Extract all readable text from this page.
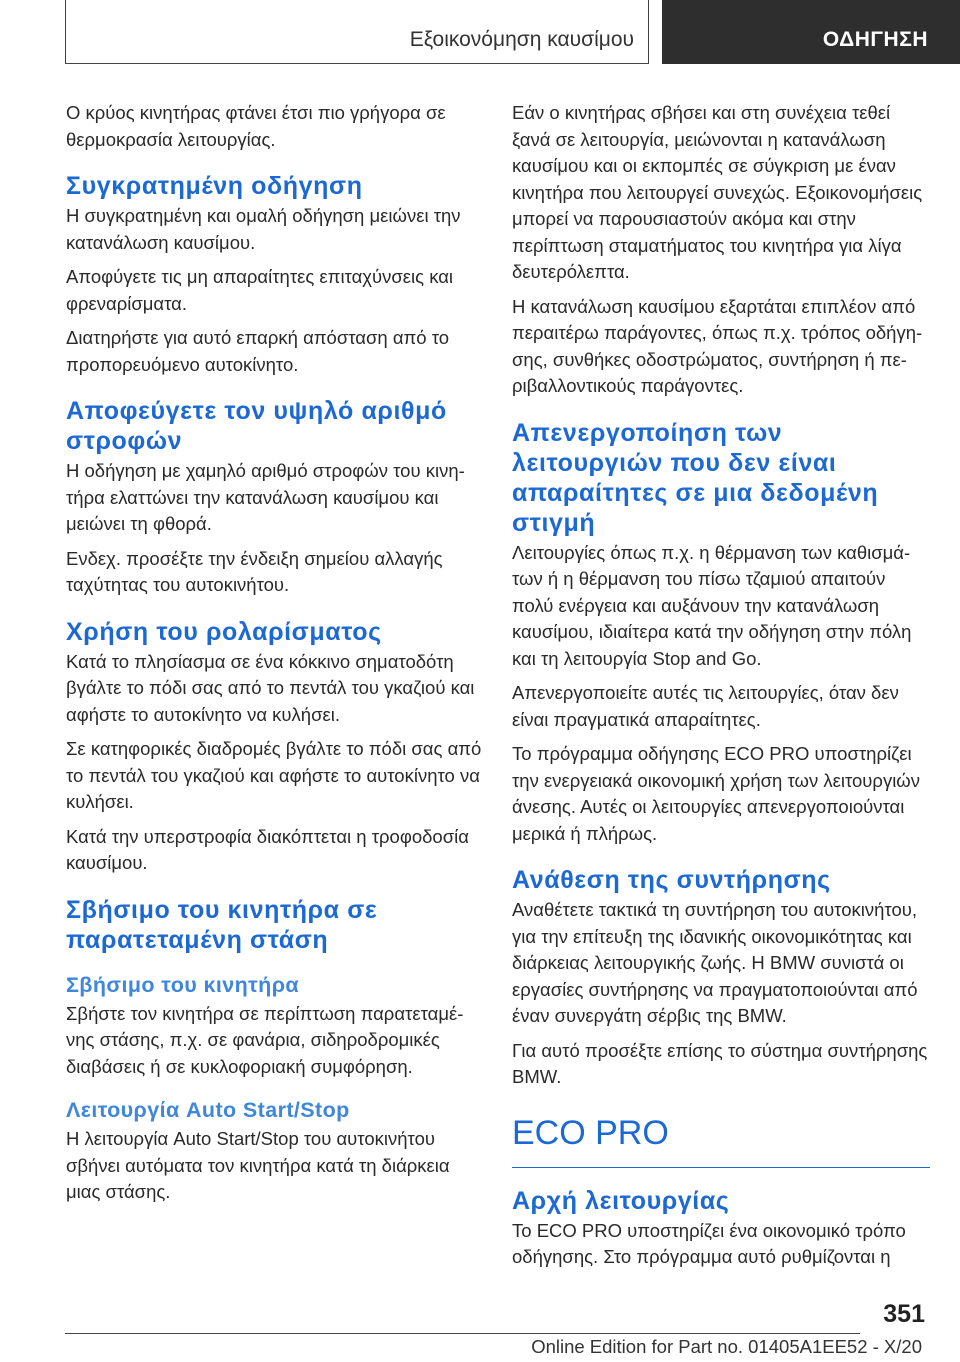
Εξοικονόμηση καυσίμου	ΟΔΗΓΗΣΗ

Ο κρύος κινητήρας φτάνει έτσι πιο γρήγορα σε θερμοκρασία λειτουργίας.

Συγκρατημένη οδήγηση

Η συγκρατημένη και ομαλή οδήγηση μειώνει την κατανάλωση καυσίμου.

Αποφύγετε τις μη απαραίτητες επιταχύνσεις και φρεναρίσματα.

Διατηρήστε για αυτό επαρκή απόσταση από το προπορευόμενο αυτοκίνητο.

Αποφεύγετε τον υψηλό αριθμό στροφών

Η οδήγηση με χαμηλό αριθμό στροφών του κινητήρα ελαττώνει την κατανάλωση καυσίμου και μειώνει τη φθορά.

Ενδεχ. προσέξτε την ένδειξη σημείου αλλαγής ταχύτητας του αυτοκινήτου.

Χρήση του ρολαρίσματος

Κατά το πλησίασμα σε ένα κόκκινο σηματοδότη βγάλτε το πόδι σας από το πεντάλ του γκαζιού και αφήστε το αυτοκίνητο να κυλήσει.

Σε κατηφορικές διαδρομές βγάλτε το πόδι σας από το πεντάλ του γκαζιού και αφήστε το αυτοκίνητο να κυλήσει.

Κατά την υπερστροφία διακόπτεται η τροφοδοσία καυσίμου.

Σβήσιμο του κινητήρα σε παρατεταμένη στάση
Σβήσιμο του κινητήρα

Σβήστε τον κινητήρα σε περίπτωση παρατεταμένης στάσης, π.χ. σε φανάρια, σιδηροδρομικές διαβάσεις ή σε κυκλοφοριακή συμφόρηση.

Λειτουργία Auto Start/Stop

Η λειτουργία Auto Start/Stop του αυτοκινήτου σβήνει αυτόματα τον κινητήρα κατά τη διάρκεια μιας στάσης.

Εάν ο κινητήρας σβήσει και στη συνέχεια τεθεί ξανά σε λειτουργία, μειώνονται η κατανάλωση καυσίμου και οι εκπομπές σε σύγκριση με έναν κινητήρα που λειτουργεί συνεχώς. Εξοικονομήσεις μπορεί να παρουσιαστούν ακόμα και στην περίπτωση σταματήματος του κινητήρα για λίγα δευτερόλεπτα.

Η κατανάλωση καυσίμου εξαρτάται επιπλέον από περαιτέρω παράγοντες, όπως π.χ. τρόπος οδήγησης, συνθήκες οδοστρώματος, συντήρηση ή περιβαλλοντικούς παράγοντες.

Απενεργοποίηση των λειτουργιών που δεν είναι απαραίτητες σε μια δεδομένη στιγμή

Λειτουργίες όπως π.χ. η θέρμανση των καθισμάτων ή η θέρμανση του πίσω τζαμιού απαιτούν πολύ ενέργεια και αυξάνουν την κατανάλωση καυσίμου, ιδιαίτερα κατά την οδήγηση στην πόλη και τη λειτουργία Stop and Go.

Απενεργοποιείτε αυτές τις λειτουργίες, όταν δεν είναι πραγματικά απαραίτητες.

Το πρόγραμμα οδήγησης ECO PRO υποστηρίζει την ενεργειακά οικονομική χρήση των λειτουργιών άνεσης. Αυτές οι λειτουργίες απενεργοποιούνται μερικά ή πλήρως.

Ανάθεση της συντήρησης

Αναθέτετε τακτικά τη συντήρηση του αυτοκινήτου, για την επίτευξη της ιδανικής οικονομικότητας και διάρκειας λειτουργικής ζωής. Η BMW συνιστά οι εργασίες συντήρησης να πραγματοποιούνται από έναν συνεργάτη σέρβις της BMW.

Για αυτό προσέξτε επίσης το σύστημα συντήρησης BMW.

ECO PRO
Αρχή λειτουργίας

Το ECO PRO υποστηρίζει ένα οικονομικό τρόπο οδήγησης. Στο πρόγραμμα αυτό ρυθμίζονται η

351
Online Edition for Part no. 01405A1EE52 - X/20
